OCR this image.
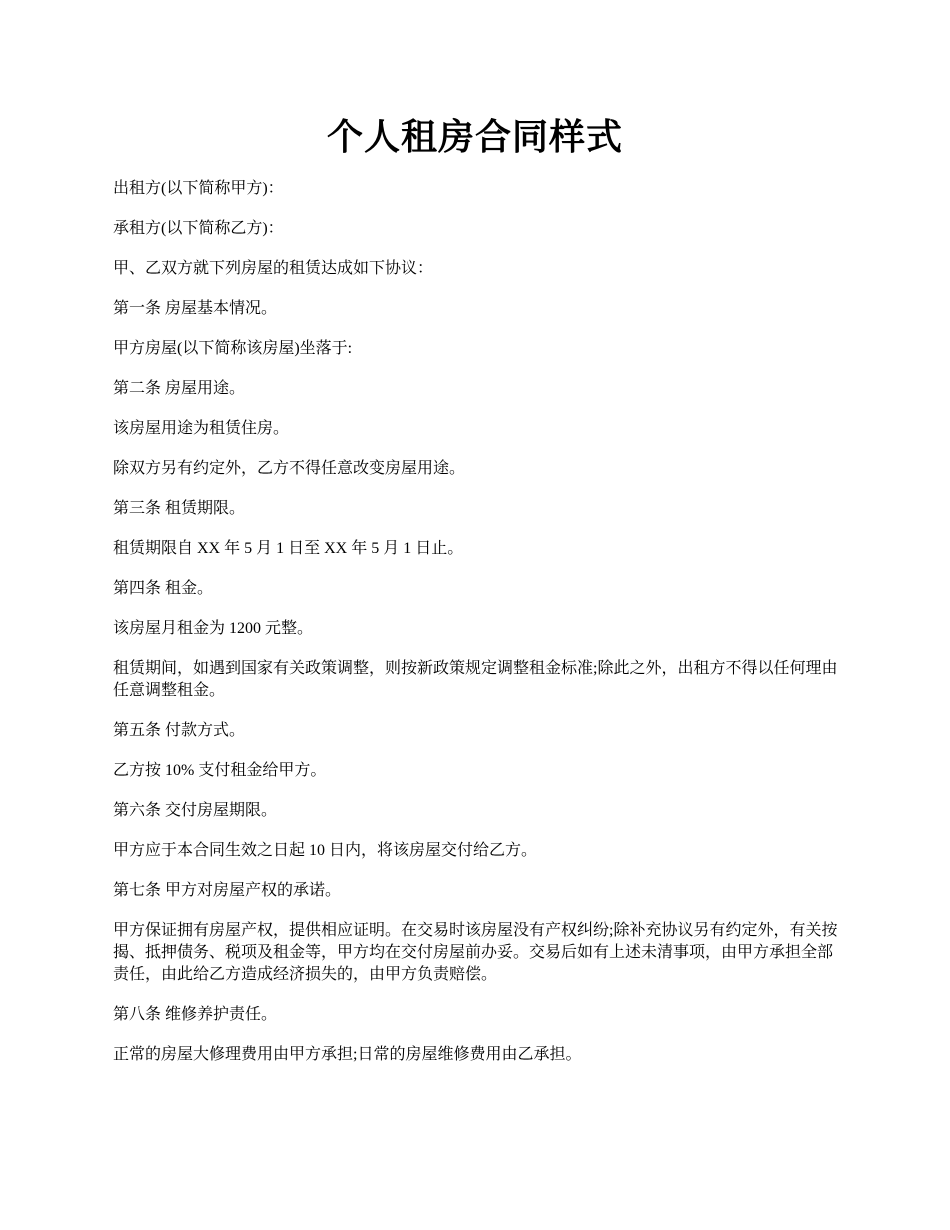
个人租房合同样式

出租方(以下简称甲方)：

承租方(以下简称乙方)：

甲、乙双方就下列房屋的租赁达成如下协议：

第一条 房屋基本情况。

甲方房屋(以下简称该房屋)坐落于:

第二条 房屋用途。

该房屋用途为租赁住房。

除双方另有约定外，乙方不得任意改变房屋用途。

第三条 租赁期限。

租赁期限自 XX 年 5 月 1 日至 XX 年 5 月 1 日止。

第四条 租金。

该房屋月租金为 1200 元整。

租赁期间，如遇到国家有关政策调整，则按新政策规定调整租金标准;除此之外，出租方不得以任何理由任意调整租金。

第五条 付款方式。

乙方按 10% 支付租金给甲方。

第六条 交付房屋期限。

甲方应于本合同生效之日起 10 日内，将该房屋交付给乙方。

第七条 甲方对房屋产权的承诺。

甲方保证拥有房屋产权，提供相应证明。在交易时该房屋没有产权纠纷;除补充协议另有约定外，有关按揭、抵押债务、税项及租金等，甲方均在交付房屋前办妥。交易后如有上述未清事项，由甲方承担全部责任，由此给乙方造成经济损失的，由甲方负责赔偿。

第八条 维修养护责任。

正常的房屋大修理费用由甲方承担;日常的房屋维修费用由乙承担。
